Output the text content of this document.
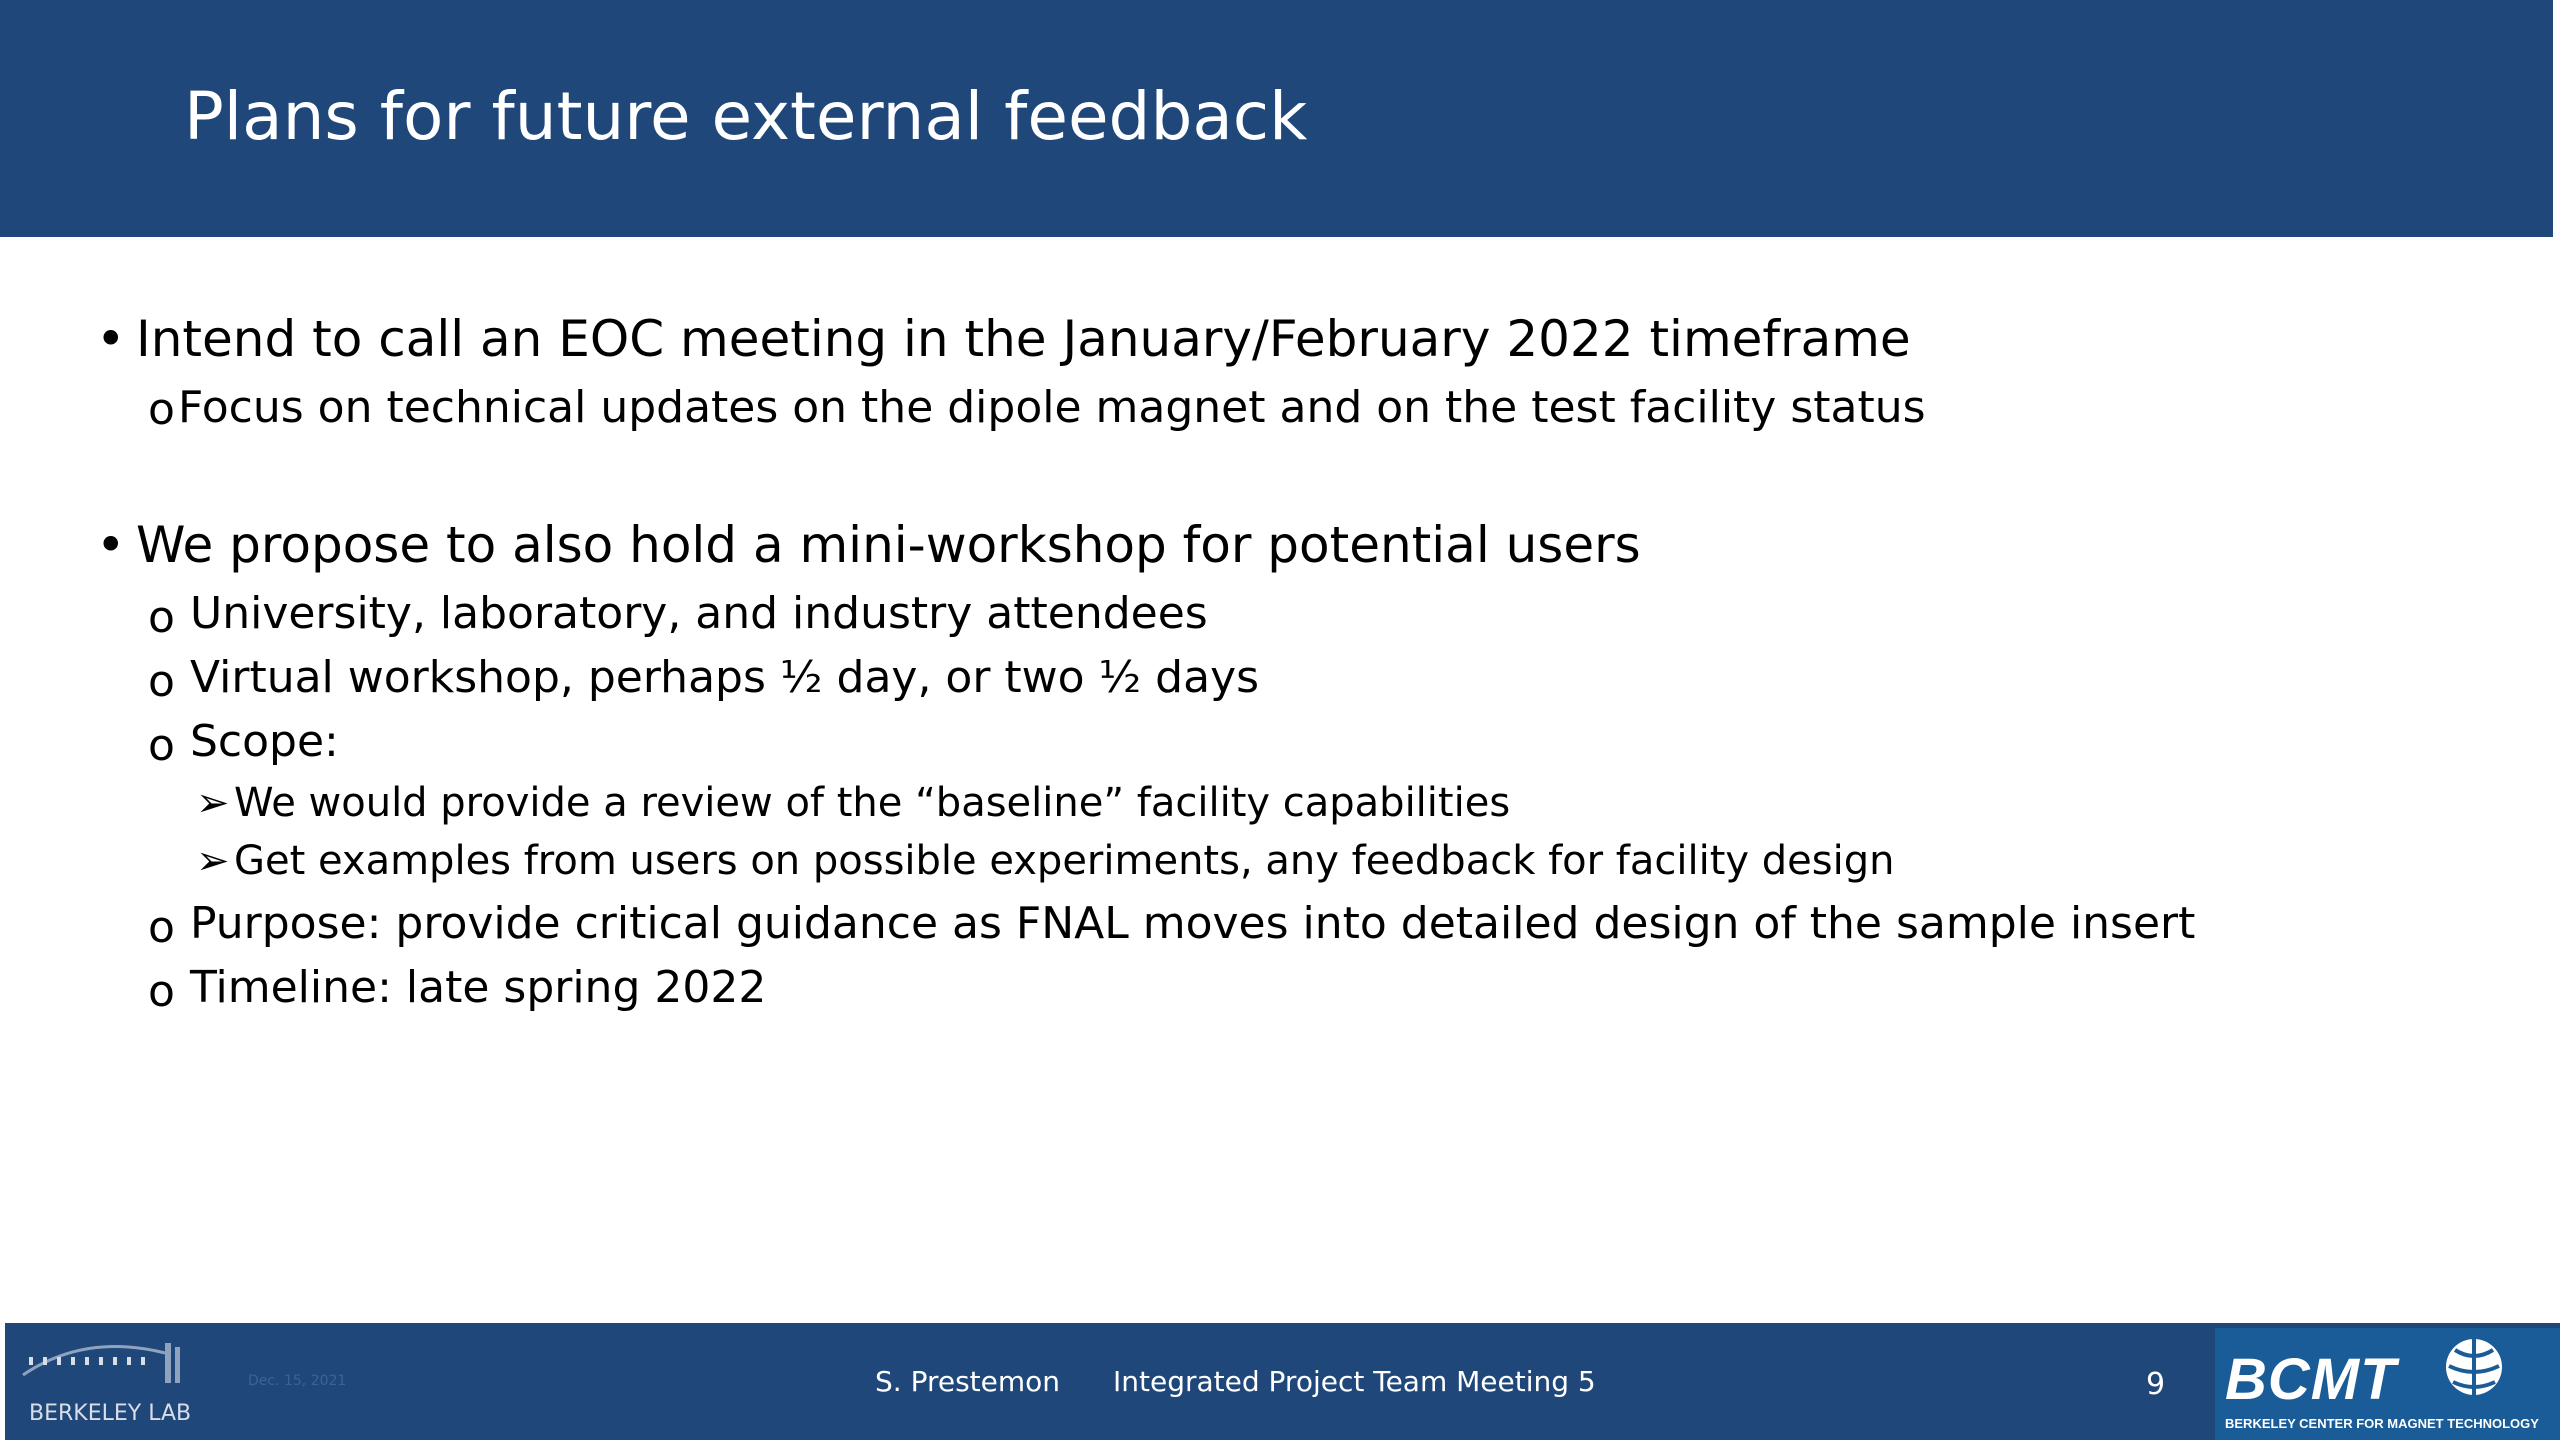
Plans for future external feedback
• Intend to call an EOC meeting in the January/February 2022 timeframe
o Focus on technical updates on the dipole magnet and on the test facility status
• We propose to also hold a mini-workshop for potential users
o University, laboratory, and industry attendees
o Virtual workshop, perhaps ½ day, or two ½ days
o Scope:
➢ We would provide a review of the “baseline” facility capabilities
➢ Get examples from users on possible experiments, any feedback for facility design
o Purpose: provide critical guidance as FNAL moves into detailed design of the sample insert
o Timeline: late spring 2022
BERKELEY LAB
Dec. 15, 2021	S. Prestemon Integrated Project Team Meeting 5	9 BCMT
BERKELEY CENTER FOR MAGNET TECHNOLOGY
